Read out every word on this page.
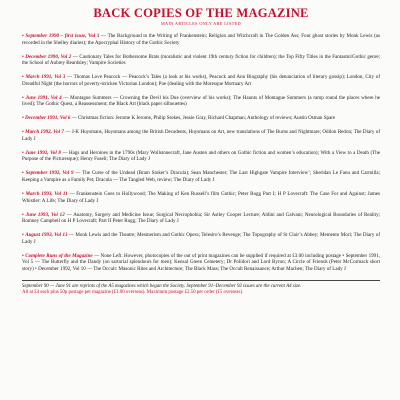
BACK COPIES OF THE MAGAZINE
MAIN ARTICLES ONLY ARE LISTED

• September 1990 – first issue, Vol 1 — The Background to the Writing of Frankenstein; Religion and Witchcraft in The Golden Ass; Four ghost stories by Monk Lewis (as recorded in the Shelley diaries); the Apocryphal History of the Gothic Society

• December 1990, Vol 2 — Cautionary Tales for Bothersome Brats (moralistic and violent 19th century fiction for children); the Top Fifty Titles in the Fantasmi/Gothic genre; the School of Aubrey Beardsley; Vampire Societies

• March 1991, Vol 3 — Thomas Love Peacock — Peacock’s Tales (a look at his works), Peacock and Ann Biography (his denunciation of literary gossip); London, City of Dreadful Night (the horrors of poverty-stricken Victorian London); Poe (dealing with the Moresque Mortuary Art

• June 1991, Vol 4 — Montague Summers — Crowning the Devil his Due (overview of his works); The Haunts of Montague Summers (a ramp round the places where he lived); The Gothic Quest, a Reassessment; the Black Art (black paper silhouettes)

• December 1991, Vol 6 — Christmas fiction: Jerome K Jerome, Philip Stokes, Jessie Gray, Richard Chapman; Anthology of reviews; Austin Osman Spare

• March 1992, Vol 7 — J-K Huysmans, Huysmans among the British Decadents, Huysmans on Art, new translations of The Burns and Nightmare; Odilon Redon; The Diary of Lady J

• June 1992, Vol 8 — Hags and Heroines in the 1790s (Mary Wollstonecraft, Jane Austen and others on Gothic fiction and women’s education); With a View to a Death (The Purpose of the Picturesque); Henry Fuseli; The Diary of Lady J

• September 1992, Vol 9 — The Curse of the Undead (Bram Stoker’s Dracula); Sean Manchester; The Last Highgate Vampire Interview’; Sheridan Le Fanu and Carmilla; Keeping a Vampire as a Family Pet; Dracula — The Tangled Web, review; The Diary of Lady J

• March 1993, Vol 11 — Frankenstein Goes to Hollywood; The Making of Ken Russell’s film Gothic; Peter Rugg Part I; H P Lovecraft: The Case For and Against; James Whistler: A Life; The Diary of Lady J

• June 1993, Vol 12 — Anatomy, Surgery and Medicine Issue; Surgical Necrophobia; Sir Astley Cooper Lecture; Aldini and Galvani; Neurological Boundaries of Reality; Romney Campbell on H P Lovecraft; Part II Peter Rugg; The Diary of Lady J

• August 1993, Vol 13 — Monk Lewis and the Theatre; Mesmerism and Gothic Opera; Telesiro’s Revenge; The Topography of St Clair’s Abbey; Memento Mori; The Diary of Lady J

• Complete Runs of the Magazine — None Left. However, photocopies of the out of print magazines can be supplied if required at £3.00 including postage • September 1991, Vol 5 — The Butterfly and the Dandy (on sartorial splendours for men); Kensal Green Cemetery; Dr Polidori and Lord Byron; A Circle of Friends (Peter McCormack short story) • December 1992, Vol 10 — The Occult: Masonic Rites and Architecture; The Black Mass; The Occult Renaissance; Arthur Machen; The Diary of Lady J

September 90 — June 91 are reprints of the A5 magazines which began the Society. September 91–December 92 issues are the current A4 size.

All at £4 each plus 50p postage per magazine (£1.00 overseas). Maximum postage £2.50 per order (£5 overseas).
